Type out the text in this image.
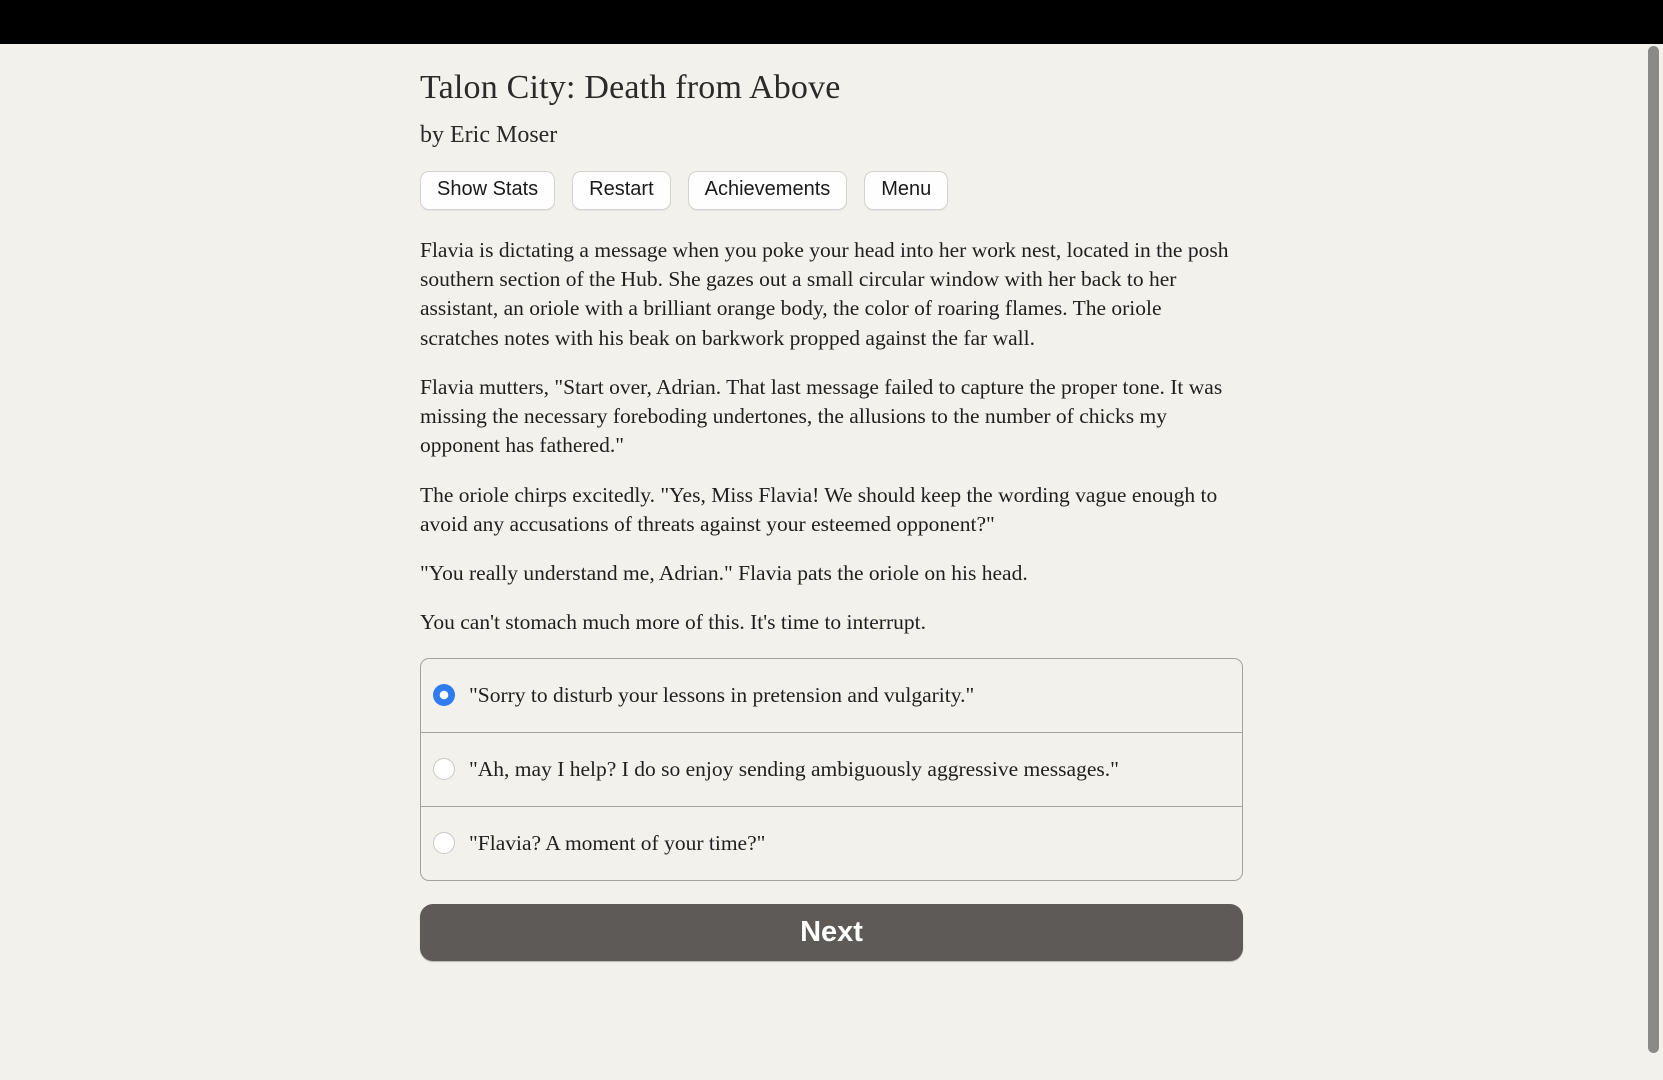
Talon City: Death from Above
by Eric Moser
Show Stats	Restart	Achievements	Menu

Flavia is dictating a message when you poke your head into her work nest, located in the posh southern section of the Hub. She gazes out a small circular window with her back to her assistant, an oriole with a brilliant orange body, the color of roaring flames. The oriole scratches notes with his beak on barkwork propped against the far wall.

Flavia mutters, "Start over, Adrian. That last message failed to capture the proper tone. It was missing the necessary foreboding undertones, the allusions to the number of chicks my opponent has fathered."

The oriole chirps excitedly. "Yes, Miss Flavia! We should keep the wording vague enough to avoid any accusations of threats against your esteemed opponent?"

"You really understand me, Adrian." Flavia pats the oriole on his head.

You can't stomach much more of this. It's time to interrupt.

"Sorry to disturb your lessons in pretension and vulgarity."
"Ah, may I help? I do so enjoy sending ambiguously aggressive messages."
"Flavia? A moment of your time?"
Next
